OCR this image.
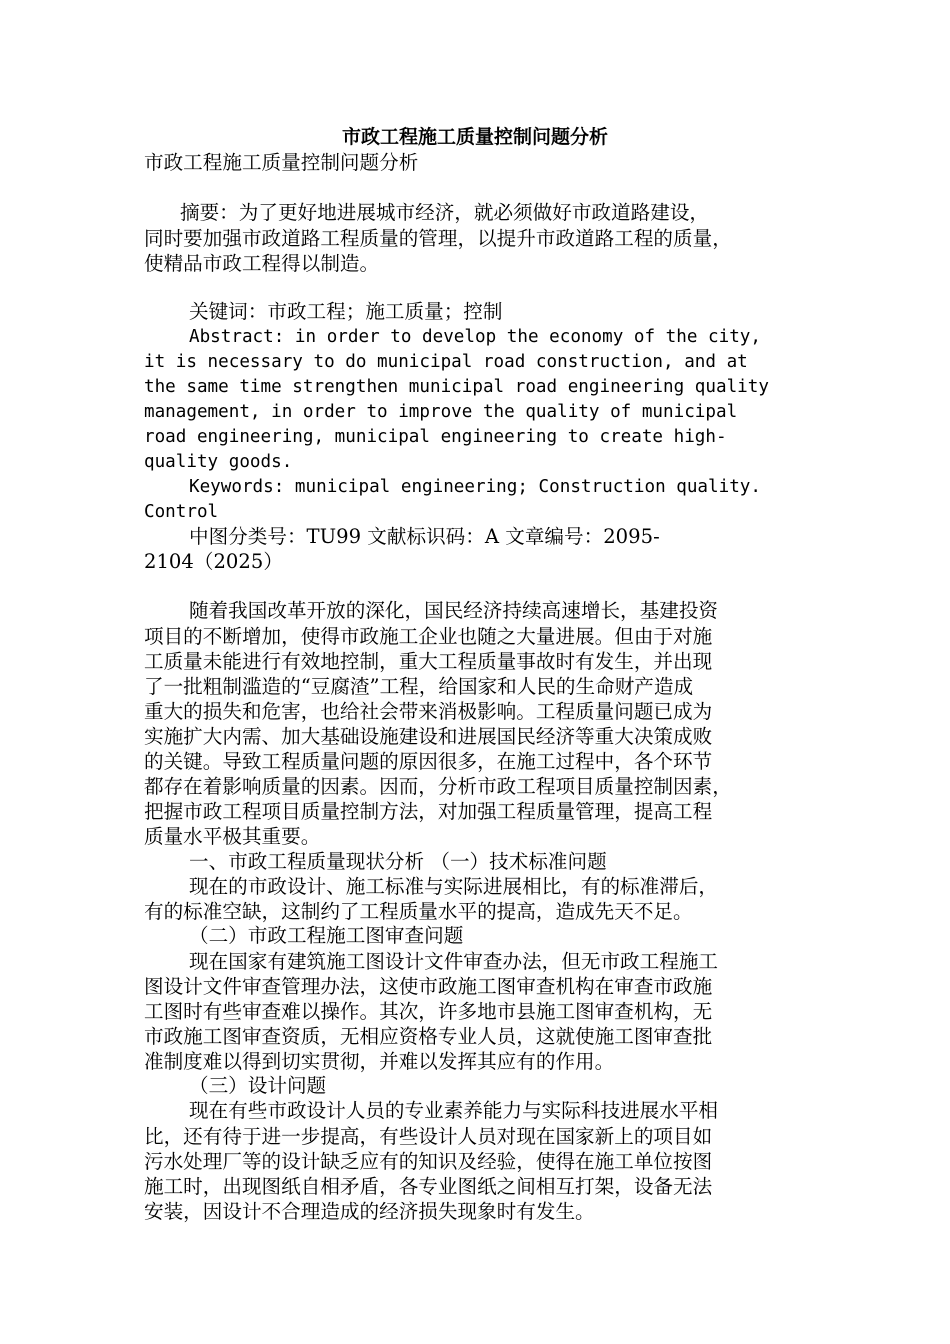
市政工程施工质量控制问题分析

市政工程施工质量控制问题分析

摘要：为了更好地进展城市经济，就必须做好市政道路建设，

同时要加强市政道路工程质量的管理，以提升市政道路工程的质量，

使精品市政工程得以制造。

关键词：市政工程；施工质量；控制

Abstract: in order to develop the economy of the city,

it is necessary to do municipal road construction, and at

the same time strengthen municipal road engineering quality

management, in order to improve the quality of municipal

road engineering, municipal engineering to create high-

quality goods.

Keywords: municipal engineering; Construction quality.

Control

中图分类号：TU99 文献标识码：A 文章编号：2095-

2104（2025）

随着我国改革开放的深化，国民经济持续高速增长，基建投资

项目的不断增加，使得市政施工企业也随之大量进展。但由于对施

工质量未能进行有效地控制，重大工程质量事故时有发生，并出现

了一批粗制滥造的“豆腐渣”工程，给国家和人民的生命财产造成

重大的损失和危害，也给社会带来消极影响。工程质量问题已成为

实施扩大内需、加大基础设施建设和进展国民经济等重大决策成败

的关键。导致工程质量问题的原因很多，在施工过程中，各个环节

都存在着影响质量的因素。因而，分析市政工程项目质量控制因素，

把握市政工程项目质量控制方法，对加强工程质量管理，提高工程

质量水平极其重要。

一、市政工程质量现状分析 （一）技术标准问题

现在的市政设计、施工标准与实际进展相比，有的标准滞后，

有的标准空缺，这制约了工程质量水平的提高，造成先天不足。

（二）市政工程施工图审查问题

现在国家有建筑施工图设计文件审查办法，但无市政工程施工

图设计文件审查管理办法，这使市政施工图审查机构在审查市政施

工图时有些审查难以操作。其次，许多地市县施工图审查机构，无

市政施工图审查资质，无相应资格专业人员，这就使施工图审查批

准制度难以得到切实贯彻，并难以发挥其应有的作用。

（三）设计问题

现在有些市政设计人员的专业素养能力与实际科技进展水平相

比，还有待于进一步提高，有些设计人员对现在国家新上的项目如

污水处理厂等的设计缺乏应有的知识及经验，使得在施工单位按图

施工时，出现图纸自相矛盾，各专业图纸之间相互打架，设备无法

安装，因设计不合理造成的经济损失现象时有发生。
